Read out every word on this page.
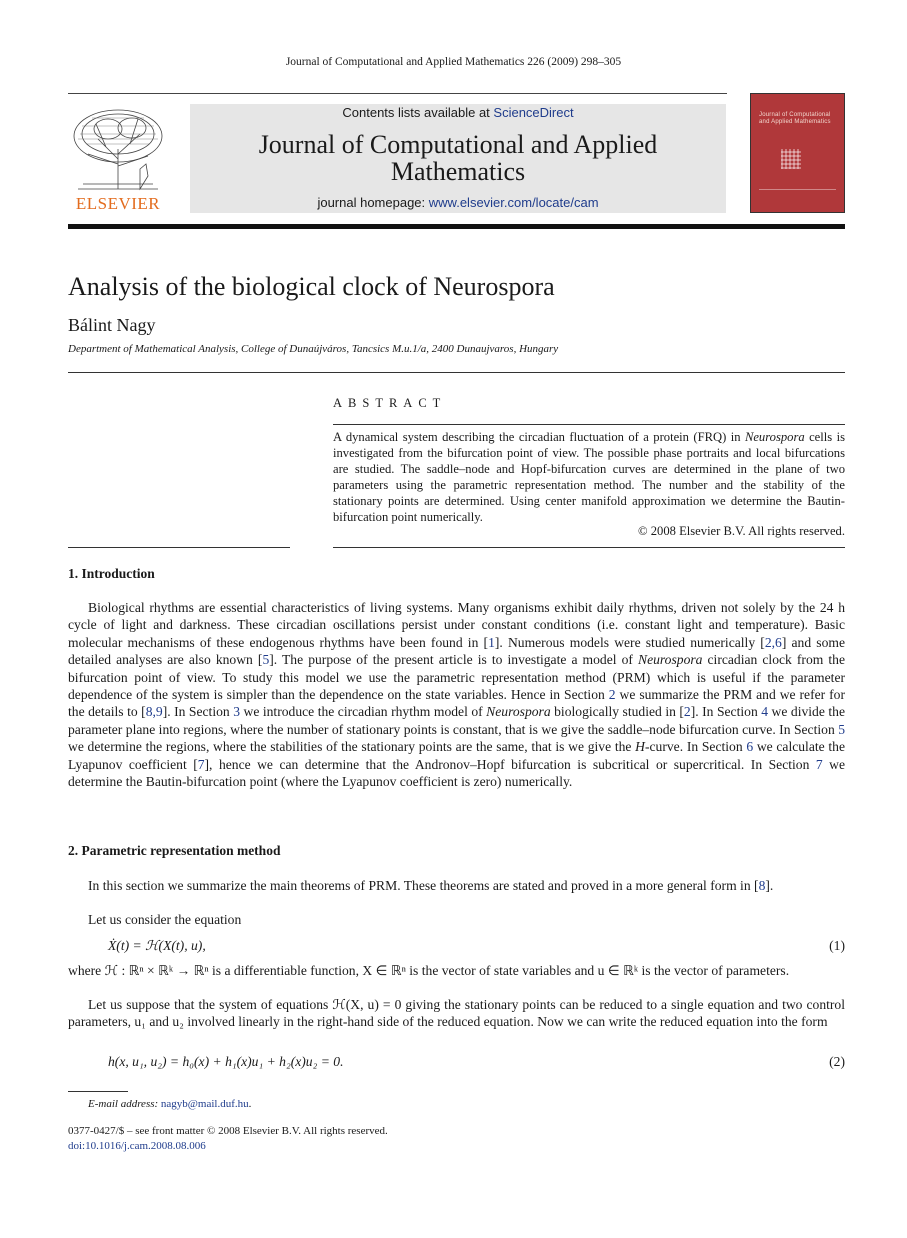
Journal of Computational and Applied Mathematics 226 (2009) 298–305
ELSEVIER
Contents lists available at ScienceDirect
Journal of Computational and Applied
Mathematics
journal homepage: www.elsevier.com/locate/cam
Journal of Computational and Applied Mathematics
Analysis of the biological clock of Neurospora
Bálint Nagy
Department of Mathematical Analysis, College of Dunaújváros, Tancsics M.u.1/a, 2400 Dunaujvaros, Hungary
ABSTRACT
A dynamical system describing the circadian fluctuation of a protein (FRQ) in Neurospora cells is investigated from the bifurcation point of view. The possible phase portraits and local bifurcations are studied. The saddle–node and Hopf-bifurcation curves are determined in the plane of two parameters using the parametric representation method. The number and the stability of the stationary points are determined. Using center manifold approximation we determine the Bautin-bifurcation point numerically.
© 2008 Elsevier B.V. All rights reserved.
1. Introduction

Biological rhythms are essential characteristics of living systems. Many organisms exhibit daily rhythms, driven not solely by the 24 h cycle of light and darkness. These circadian oscillations persist under constant conditions (i.e. constant light and temperature). Basic molecular mechanisms of these endogenous rhythms have been found in [1]. Numerous models were studied numerically [2,6] and some detailed analyses are also known [5]. The purpose of the present article is to investigate a model of Neurospora circadian clock from the bifurcation point of view. To study this model we use the parametric representation method (PRM) which is useful if the parameter dependence of the system is simpler than the dependence on the state variables. Hence in Section 2 we summarize the PRM and we refer for the details to [8,9]. In Section 3 we introduce the circadian rhythm model of Neurospora biologically studied in [2]. In Section 4 we divide the parameter plane into regions, where the number of stationary points is constant, that is we give the saddle–node bifurcation curve. In Section 5 we determine the regions, where the stabilities of the stationary points are the same, that is we give the H-curve. In Section 6 we calculate the Lyapunov coefficient [7], hence we can determine that the Andronov–Hopf bifurcation is subcritical or supercritical. In Section 7 we determine the Bautin-bifurcation point (where the Lyapunov coefficient is zero) numerically.

2. Parametric representation method

In this section we summarize the main theorems of PRM. These theorems are stated and proved in a more general form in [8].

Let us consider the equation

Ẋ(t) = ℋ(X(t), u),	(1)

where ℋ : ℝⁿ × ℝᵏ → ℝⁿ is a differentiable function, X ∈ ℝⁿ is the vector of state variables and u ∈ ℝᵏ is the vector of parameters.

Let us suppose that the system of equations ℋ(X, u) = 0 giving the stationary points can be reduced to a single equation and two control parameters, u₁ and u₂ involved linearly in the right-hand side of the reduced equation. Now we can write the reduced equation into the form

h(x, u₁, u₂) = h₀(x) + h₁(x)u₁ + h₂(x)u₂ = 0.	(2)
E-mail address: nagyb@mail.duf.hu.
0377-0427/$ – see front matter © 2008 Elsevier B.V. All rights reserved.
doi:10.1016/j.cam.2008.08.006
